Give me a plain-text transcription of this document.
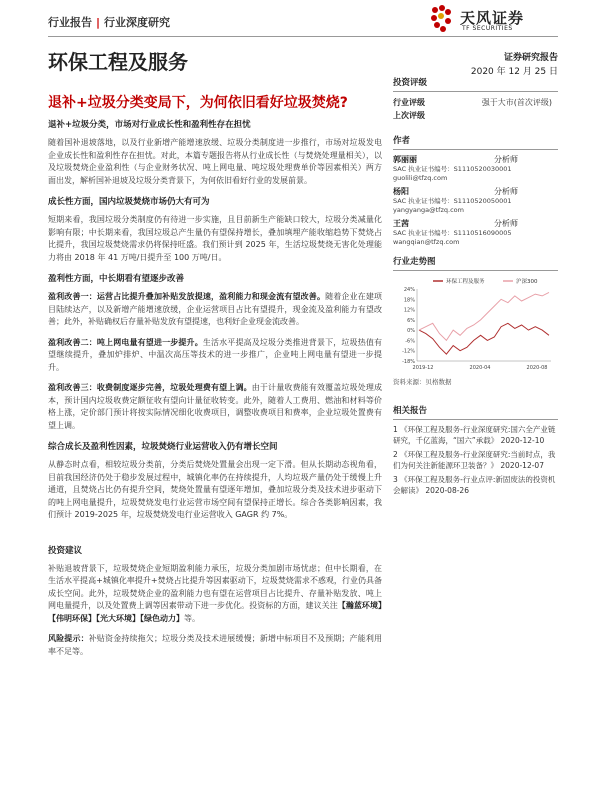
行业报告 | 行业深度研究	天风证券
TF SECURITIES
环保工程及服务	证券研究报告
2020 年 12 月 25 日
退补+垃圾分类变局下，为何依旧看好垃圾焚烧?
退补+垃圾分类，市场对行业成长性和盈利性存在担忧
随着国补退坡落地，以及行业新增产能增速放缓、垃圾分类制度进一步推行，市场对垃圾发电企业成长性和盈利性存在担忧。对此，本篇专题报告将从行业成长性（与焚烧处理量相关），以及垃圾焚烧企业盈利性（与企业财务状况、吨上网电量、吨垃圾处理费单价等因素相关）两方面出发，解析国补退坡及垃圾分类背景下，为何依旧看好行业的发展前景。
成长性方面，国内垃圾焚烧市场仍大有可为
短期来看，我国垃圾分类制度仍有待进一步实施，且目前新生产能缺口较大，垃圾分类减量化影响有限；中长期来看，我国垃圾总产生量仍有望保持增长，叠加填埋产能收缩趋势下焚烧占比提升，我国垃圾焚烧需求仍将保持旺盛。我们预计到 2025 年，生活垃圾焚烧无害化处理能力将由 2018 年 41 万吨/日提升至 100 万吨/日。
盈利性方面，中长期看有望逐步改善
盈利改善一：运营占比提升叠加补贴发放提速，盈利能力和现金流有望改善。随着企业在建项目陆续达产，以及新增产能增速放缓，企业运营项目占比有望提升，现金流及盈利能力有望改善；此外，补贴确权后存量补贴发放有望提速，也利好企业现金流改善。
盈利改善二：吨上网电量有望进一步提升。生活水平提高及垃圾分类推进背景下，垃圾热值有望继续提升，叠加炉排炉、中温次高压等技术的进一步推广，企业吨上网电量有望进一步提升。
盈利改善三：收费制度逐步完善，垃圾处理费有望上调。由于计量收费能有效覆盖垃圾处理成本，预计国内垃圾收费定额征收有望向计量征收转变。此外，随着人工费用、燃油和材料等价格上涨，定价部门预计将按实际情况细化收费项目，调整收费项目和费率，企业垃圾处置费有望上调。
综合成长及盈利性因素，垃圾焚烧行业运营收入仍有增长空间
从静态时点看，相较垃圾分类前，分类后焚烧处置量会出现一定下滑。但从长期动态视角看，目前我国经济仍处于稳步发展过程中，城镇化率仍在持续提升，人均垃圾产量仍处于缓慢上升通道，且焚烧占比仍有提升空间，焚烧处置量有望逐年增加，叠加垃圾分类及技术进步驱动下的吨上网电量提升，垃圾焚烧发电行业运营市场空间有望保持正增长。综合各类影响因素，我们预计 2019-2025 年，垃圾焚烧发电行业运营收入 GAGR 约 7%。
投资建议
补贴退坡背景下，垃圾焚烧企业短期盈利能力承压，垃圾分类加剧市场忧虑；但中长期看，在生活水平提高+城镇化率提升+焚烧占比提升等因素驱动下，垃圾焚烧需求不惑观，行业仍具备成长空间。此外，垃圾焚烧企业的盈利能力也有望在运营项目占比提升、存量补贴发放、吨上网电量提升，以及处置费上调等因素带动下进一步优化。投资标的方面，建议关注【瀚蓝环境】【伟明环保】【光大环境】【绿色动力】等。
风险提示：补贴资金持续拖欠；垃圾分类及技术进展缓慢；新增中标项目不及预期；产能利用率不足等。
投资评级
行业评级	强于大市(首次评级)
上次评级
作者
郭丽丽	分析师
SAC 执业证书编号：S1110520030001
guolili@tfzq.com
杨阳	分析师
SAC 执业证书编号：S1110520050001
yangyanga@tfzq.com
王茜	分析师
SAC 执业证书编号：S1110516090005
wangqian@tfzq.com
行业走势图
24%
18%
12%
6%
0%
-6%
-12%
-18%
2019-12	2020-04	2020-08
环保工程及服务	沪深300
资料来源：贝格数据
相关报告
1 《环保工程及服务-行业深度研究:国六全产业链研究，千亿蓝海，“国六”承载》 2020-12-10
2 《环保工程及服务-行业深度研究:当前时点，我们为何关注新能源环卫装备？》 2020-12-07
3 《环保工程及服务-行业点评:新固废法的投资机会解读》 2020-08-26
